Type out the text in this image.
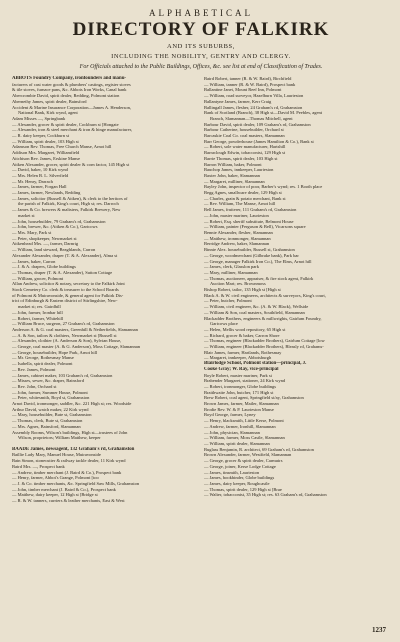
ALPHABETICAL
DIRECTORY OF FALKIRK
AND ITS SUBURBS,
INCLUDING THE NOBILITY, GENTRY AND CLERGY.
For Officials attached to the Public Buildings, Offices, &c. see list at end of Classification of Trades.
ABBOTS Foundry Company, ironfounders and manu-
facturers of cast water goods & plumbers' castings, register stoves
& tile stoves, furnace pans, &c. Abbots Iron Works, Canal bank
Abercrombie David, spirit dealer, Redding, Polmont station
Abernethy James, spirit dealer, Bainsford
Accident & Marine Insurance Corporation—James A. Henderson,
National Bank, Kirk wynd, agent
Adam Misses —, Springbank
— Alexander, grocer & spirit dealer, Cockburn st [Hongate
— Alexander, iron & steel merchant & iron & hinge manufacturer,
— R. dairy keeper, Cockburn st
— William, spirit dealer, 103 High st
Adamson Rev. Thomas, Free Church Manse, Arnot hill
Addison Mrs. Margaret, Williamfield
Aitchison Rev. James, Erskine Manse
Aitken Alexander, grocer, spirit dealer & corn factor, 145 High st
— David, baker, 10 Kirk wynd
— Mrs. Helen B. L. Silverfield
— Mr. Henry, Darrach
— James, farmer, Forgan Hall
— James, farmer, Newlands, Redding
— James, solicitor (Russell & Aitken), & clerk to the heritors of
the parish of Falkirk, King's court, High st; res. Darroch
— James & Co. brewers & maltsters, Falkirk Brewery, New
market st
— John, housebuilder, 79 Graham's rd, Grahamston
— John, brewer, &c. (Aitken & Co.), Gartcows
— Mrs. Mary, Park st
— Peter, shopkeeper, Newmarket st
Aitkenhead Mrs. —, farmer, Darnrig
— William, land steward, Beaghlands, Carron
Alexander Alexander, draper (T. & A. Alexander), Alma st
— James, baker, Carron
— J. & A. drapers, Globe buildings
— Thomas, draper (T. & A. Alexander), Sutton Cottage
— William, grocer, Polmont
Allan Andrew, solicitor & notary, secretary to the Falkirk Joint
Stock Cemetery Co. clerk & treasurer to the School Boards
of Polmont & Muiravonside, & general agent for Falkirk Dis-
trict of Edinburgh & Eastern district of Stirlingshire, New-
market st; res. Gairdhill
— John, farmer, Ironbar hill
— Robert, farmer, Whitehill
— William Bruce, surgeon, 27 Graham's rd, Grahamston
Anderson A. & G. coal masters, Greenhill & Netherfields, Slamannan
— A. & Son, tailors & clothiers, Newmarket st [Russell st
— Alexander, clothier (A. Anderson & Son), Sylvian House,
— George, coal master (A. & G. Anderson), Moss Cottage, Slamannan
— George, housebuilder, Hope Park, Arnot hill
— Mr. George, Rothesmay Manse
— Isabella, spirit dealer, Polmont
— Rev. James, Polmont
— James, cabinet maker, 103 Graham's rd, Grahamston
— Misses, sewer, &c. draper, Bainsford
— Rev. John, Orchard st
— John, farmer, Summer House, Polmont
— Peter, whitesmith, Boyd st, Grahamston
Arnot David, ironmonger, saddler, &c. 221 High st; res. Woodside
Arthur David, watch maker, 22 Kirk wynd
— Mary, housebuilder, Bute st, Grahamston
— Thomas, clerk, Bute st, Grahamston
— Mrs. Agnes, Bainsford, Slamannan
Assembly Rooms, Wilson's buildings, High st—trustees of John
Wilson, proprietors; William Matthew, keeper

BAADE James, newsagent, 132 Graham's rd, Grahamston
Baillie Lady Mary, Manuel House, Muiravonside
Bain Simon, stonecutter & railway tackle dealer, 11 Kirk wynd
Baird Mrs. —, Prospect bank
— Andrew, timber merchant (J. Baird & Co.), Prospect bank
— Henry, farmer, Abbot's Grange, Polmont [too
— J. & Co. timber merchants, &c. Springfield Saw Mills, Grahamston
— John, timber merchant (J. Baird & Co.), Prospect bank
— Matthew, dairy keeper, 12 High st [Bridge st
— R. & W. tanners, curriers & leather merchants, East & West
Baird Robert, tanner (R. & W. Baird), Birchfield
— William, tanner (R. & W. Baird), Prospect bank
Ballantine Janet, Mount Reef Inn, Polmont
— William, road surveyor, Hazelburn Villa, Laurieston
Ballantyne James, farmer, Kerr Craig
Ballingall James, flesher, 24 Graham's rd, Grahamston
Bank of Scotland (Branch), 38 High st—David M. Peebles, agent
Branch, Slamannan—Thomas Mitchell, agent
Barbour David, spirit dealer, 109 Graham's rd, Grahamston
Barbour Catherine, housebuilder, Orchard st
Barcaskie Coal Co. coal masters, Slamannan
Barr George, powderhouse (James Hamilton & Co.), Bank st
— Robert, sole water manufacturer, Hartshill
Barraclough Edwin, tobacconist, 129 High st
Barrie Thomas, spirit dealer, 103 High st
Barron William, baker, Polmont
Bauchop James, innkeeper, Laurieston
Baxter John, baker, Slamannan
— Margaret, milliner, Slamannan
Bayley John, inspector of poor, Barber's wynd; res. 1 Booth place
Begg Agnes, smallware dealer, 129 High st
— Charles, grain & potato merchant, Bank st
— Rev. William, The Manse, Arnot hill
Bell James, fruiterer, 111 Graham's rd, Grahamston
— John, master mariner, Laurieston
— Robert, Esq. sheriff substitute, Belmont House
— William, painter (Ferguson & Bell), Vicarsons square
Bennie Alexander, flesher, Slamannan
— Matthew, ironmonger, Slamannan
Berridge Andrew, baker, Slamannan
Binnie Alex. housebuilder, Russell st, Grahamston
— George, woodmerchant (Gilbrake bank), Park bar
— George, manager Falkirk Iron Co.), The Elms, Arnot hill
— James, clerk, Glasslon park
— Mary, milliner, Slamannan
— Thomas, auctioneer, appraiser, & fire stock agent, Falkirk
Auction Mart; res. Brownmoss
Bishop Robert, tailor, 135 High st [High st
Black A. & W. civil engineers, architects & surveyors, King's court,
— Peter, butcher, Polmont
— William, civil engineer, &c. (A. & W. Black), Wellside
— William & Son, coal masters, Southfield, Slamannan
Blackadder Brothers, engineers & millwrights, Gairlum Foundry,
Gartcows place
— Helen, Mellis wood repository, 65 High st
— Richard, grocer & baker, Carron Shore
— Thomas, engineer (Blackadder Brothers), Gairlum Cottage [low
— William, engineer (Blackadder Brothers), Bleasly rd, Grahams-
Blair James, farmer, Hartlands, Rothesmay
— Margaret, innkeeper, Abbotsburgh
Blairlodge School, Polmont station—principal, J.
Cooke Gray; W. Ray, vice-principal
Boyle Robert, master mariner, Park st
Brabender Margaret, stationer, 24 Kirk wynd
— Robert, ironmonger, Globe buildings
Braithwaite John, butcher, 171 High st
Brew Robert, coal agent, Springfield st/ay, Grahamston
Brown James, farmer, Mailer, Slamannan
Brodie Rev. W. & P. Laurieston Manse
Boyd George, farmer, Lyney
— Henry, blacksmith, Little Kerse, Polmont
— Andrew, farmer, Ironhill, Slamannan
— John, physician, Slamannan
— William, farmer, Moss Castle, Slamannan
— William, spirit dealer, Slamannan
Buglass Benjamin, R. architect, 69 Graham's rd, Grahamston
Brown Alexander, farmer, Westfield, Slamannan
— George, grocer & spirit dealer, Carmuirs
— George, joiner, Kerse Lodge Cottage
— James, tinsmith, Laurieston
— James, bookbinder, Globe buildings
— James, dairy keeper, Roughcastle
— Thomas, spirit dealer, 129 High st [Brae
— Walter, tobacconist, 35 High st; res. 63 Graham's rd, Grahamston
1237
